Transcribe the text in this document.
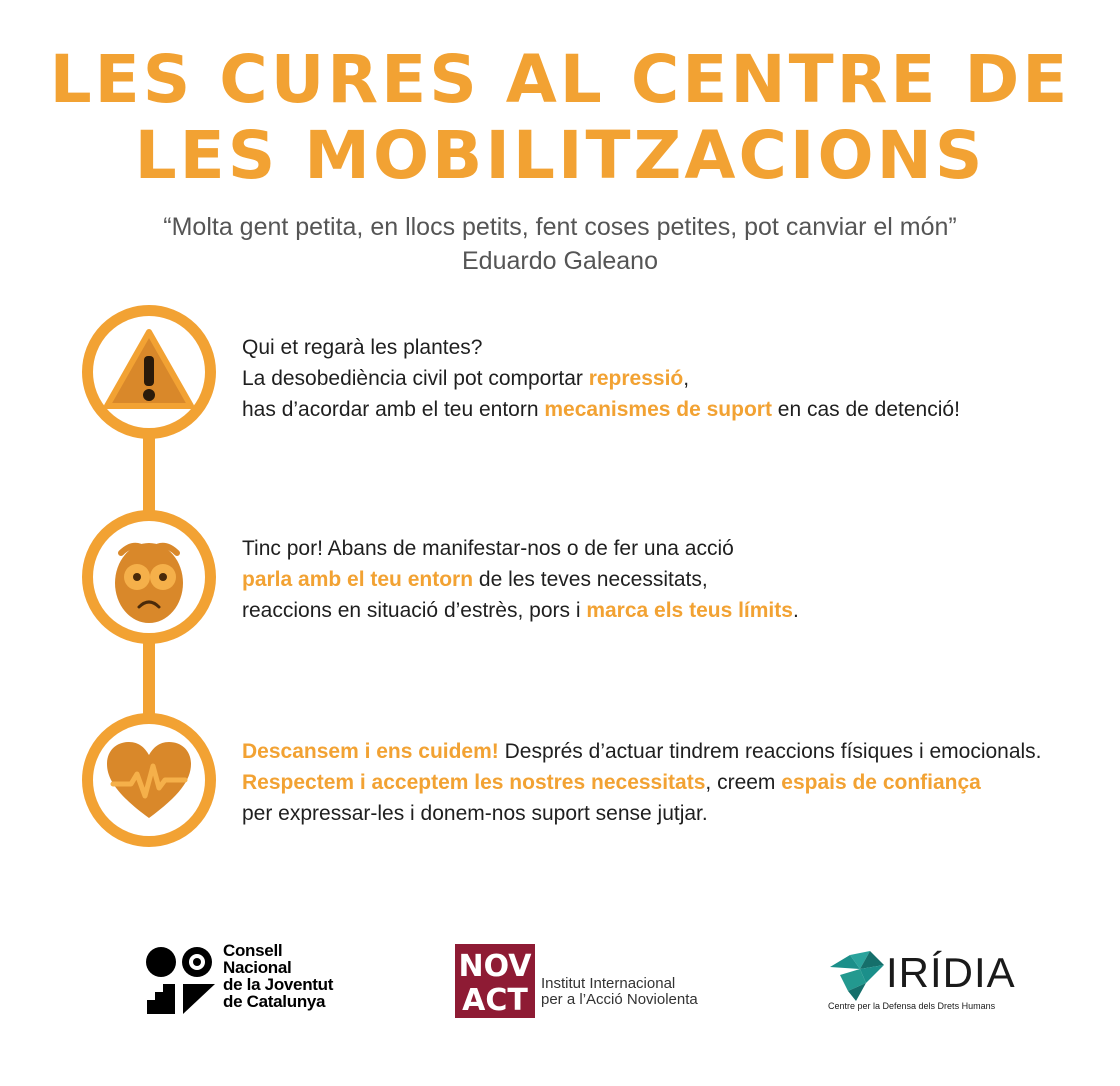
LES CURES AL CENTRE DE
LES MOBILITZACIONS
“Molta gent petita, en llocs petits, fent coses petites, pot canviar el món”
Eduardo Galeano
Qui et regarà les plantes?
La desobediència civil pot comportar repressió,
has d’acordar amb el teu entorn mecanismes de suport en cas de detenció!
Tinc por! Abans de manifestar-nos o de fer una acció
parla amb el teu entorn de les teves necessitats,
reaccions en situació d’estrès, pors i marca els teus límits.
Descansem i ens cuidem! Després d’actuar tindrem reaccions físiques i emocionals.
Respectem i acceptem les nostres necessitats, creem espais de confiança
per expressar-les i donem-nos suport sense jutjar.
Consell
Nacional
de la Joventut
de Catalunya
NOV
ACT Institut Internacional
per a l’Acció Noviolenta
IRÍDIA
Centre per la Defensa dels Drets Humans
